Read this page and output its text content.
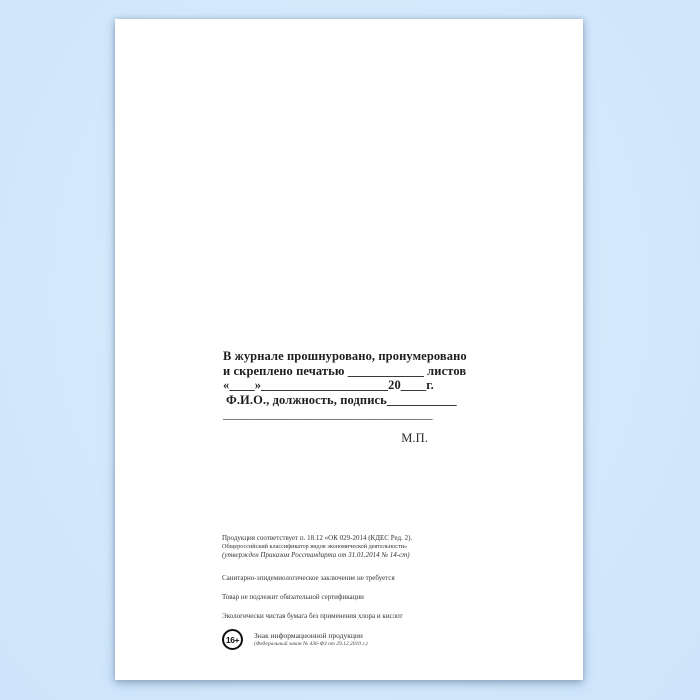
В журнале прошнуровано, пронумеровано
и скреплено печатью ____________ листов
«____»____________________20____г.
Ф.И.О., должность, подпись___________
_________________________________
М.П.

Продукция соответствует п. 18.12 «ОК 029-2014 (КДЕС Ред. 2).

Общероссийский классификатор видов экономической деятельности»

(утвержден Приказом Росстандарта от 31.01.2014 № 14-ст)

Санитарно-эпидемиологическое заключение не требуется

Товар не подлежит обязательной сертификации

Экологически чистая бумага без применения хлора и кислот

16+ Знак информационной продукции
(Федеральный закон № 436-ФЗ от 29.12.2010 г.)
